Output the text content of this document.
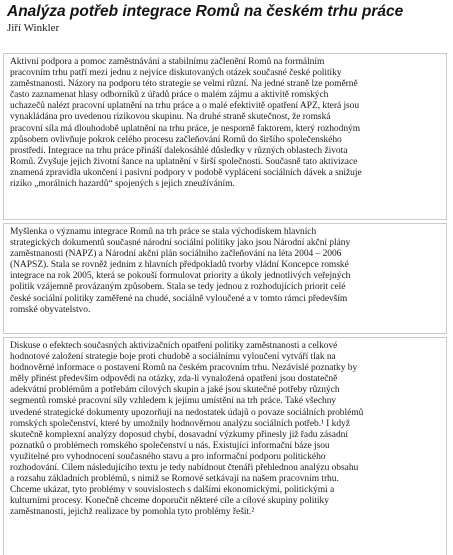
Analýza potřeb integrace Romů na českém trhu práce

Jiří Winkler

Aktivní podpora a pomoc zaměstnávání a stabilnímu začlenění Romů na formálním
pracovním trhu patří mezi jednu z nejvíce diskutovaných otázek současné české politiky
zaměstnanosti. Názory na podporu této strategie se velmi různí. Na jedné straně lze poměrně
často zaznamenat hlasy odborníků z úřadů práce o malém zájmu a aktivitě romských
uchazečů nalézt pracovní uplatnění na trhu práce a o malé efektivitě opatření APZ, která jsou
vynakládána pro uvedenou rizikovou skupinu. Na druhé straně skutečnost, že romská
pracovní síla má dlouhodobě uplatnění na trhu práce, je nesporně faktorem, který rozhodným
způsobem ovlivňuje pokrok celého procesu začleňování Romů do širšího společenského
prostředí. Integrace na trhu práce přináší dalekosáhlé důsledky v různých oblastech života
Romů. Zvyšuje jejich životní šance na uplatnění v širší společnosti. Současně tato aktivizace
znamená zpravidla ukončení i pasivní podpory v podobě vyplácení sociálních dávek a snižuje
riziko „morálních hazardů“ spojených s jejich zneužíváním.

Myšlenka o významu integrace Romů na trh práce se stala východiskem hlavních
strategických dokumentů současné národní sociální politiky jako jsou Národní akční plány
zaměstnanosti (NAPZ) a Národní akční plán sociálního začleňování na léta 2004 – 2006
(NAPSZ). Stala se rovněž jedním z hlavních předpokladů tvorby vládní Koncepce romské
integrace na rok 2005, která se pokouší formulovat priority a úkoly jednotlivých veřejných
politik vzájemně provázaným způsobem. Stala se tedy jednou z rozhodujících priorit celé
české sociální politiky zaměřené na chudé, sociálně vyloučené a v tomto rámci především
romské obyvatelstvo.

Diskuse o efektech současných aktivizačních opatření politiky zaměstnanosti a celkové
hodnotové založení strategie boje proti chudobě a sociálnímu vyloučení vytváří tlak na
hodnověrné informace o postavení Romů na českém pracovním trhu. Nezávislé poznatky by
měly přinést především odpovědi na otázky, zda-li vynaložená opatření jsou dostatečně
adekvátní problémům a potřebám cílových skupin a jaké jsou skutečné potřeby různých
segmentů romské pracovní síly vzhledem k jejímu umístění na trh práce. Také všechny
uvedené strategické dokumenty upozorňují na nedostatek údajů o povaze sociálních problémů
romských společenství, které by umožnily hodnověrnou analýzu sociálních potřeb.¹ I když
skutečně komplexní analýzy doposud chybí, dosavadní výzkumy přinesly již řadu zásadní
poznatků o problémech romského společenství u nás. Existující informační báze jsou
využitelné pro vyhodnocení současného stavu a pro informační podporu politického
rozhodování. Cílem následujícího textu je tedy nabídnout čtenáři přehlednou analýzu obsahu
a rozsahu základních problémů, s nimiž se Romové setkávají na našem pracovním trhu.
Chceme ukázat, tyto problémy v souvislostech s dalšími ekonomickými, politickými a
kulturními procesy. Konečně chceme doporučit některé cíle a cílové skupiny politiky
zaměstnanosti, jejichž realizace by pomohla tyto problémy řešit.²
